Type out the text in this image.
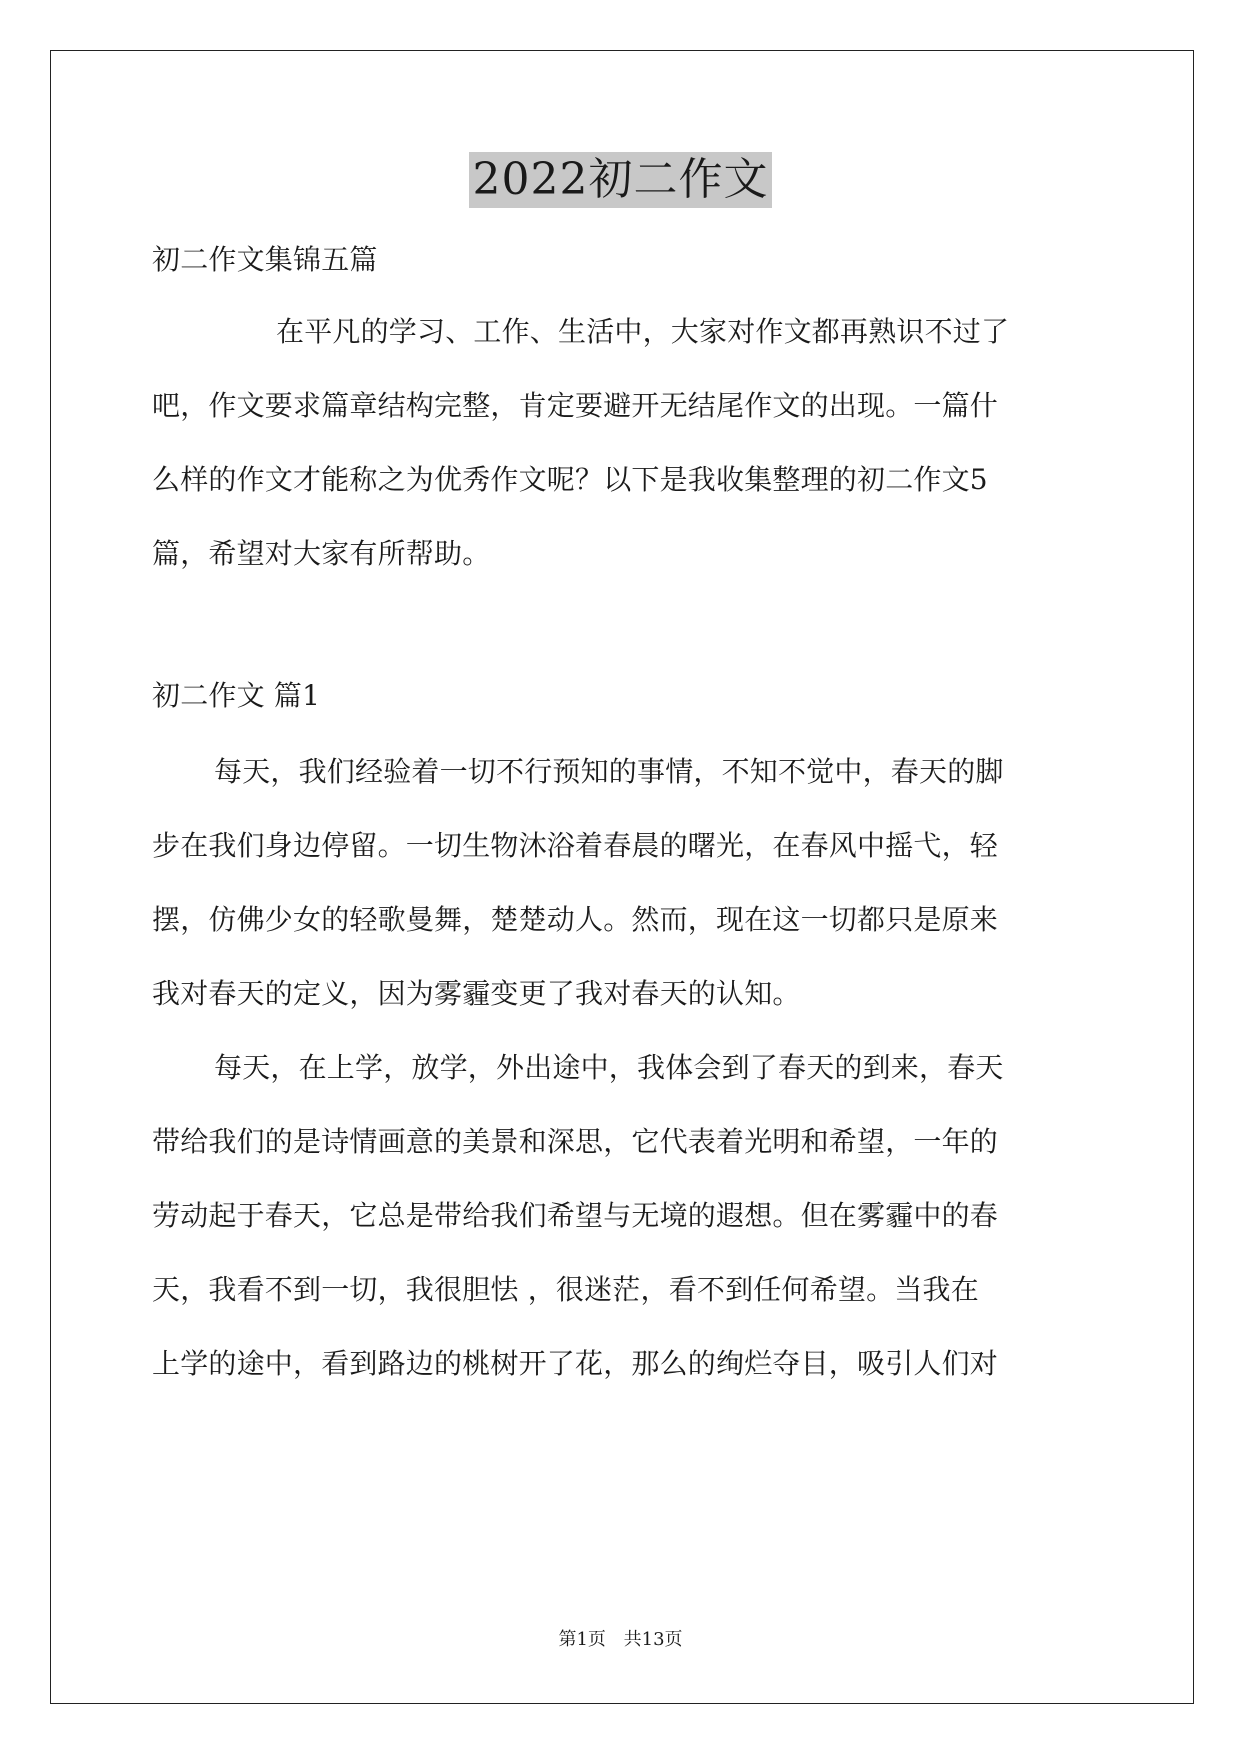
2022初二作文
初二作文集锦五篇
在平凡的学习、工作、生活中，大家对作文都再熟识不过了
吧，作文要求篇章结构完整，肯定要避开无结尾作文的出现。一篇什
么样的作文才能称之为优秀作文呢？以下是我收集整理的初二作文5
篇，希望对大家有所帮助。
初二作文 篇1
每天，我们经验着一切不行预知的事情，不知不觉中，春天的脚
步在我们身边停留。一切生物沐浴着春晨的曙光，在春风中摇弋，轻
摆，仿佛少女的轻歌曼舞，楚楚动人。然而，现在这一切都只是原来
我对春天的定义，因为雾霾变更了我对春天的认知。
每天，在上学，放学，外出途中，我体会到了春天的到来，春天
带给我们的是诗情画意的美景和深思，它代表着光明和希望，一年的
劳动起于春天，它总是带给我们希望与无境的遐想。但在雾霾中的春
天，我看不到一切，我很胆怯 ，很迷茫，看不到任何希望。当我在
上学的途中，看到路边的桃树开了花，那么的绚烂夺目，吸引人们对
第1页 共13页
